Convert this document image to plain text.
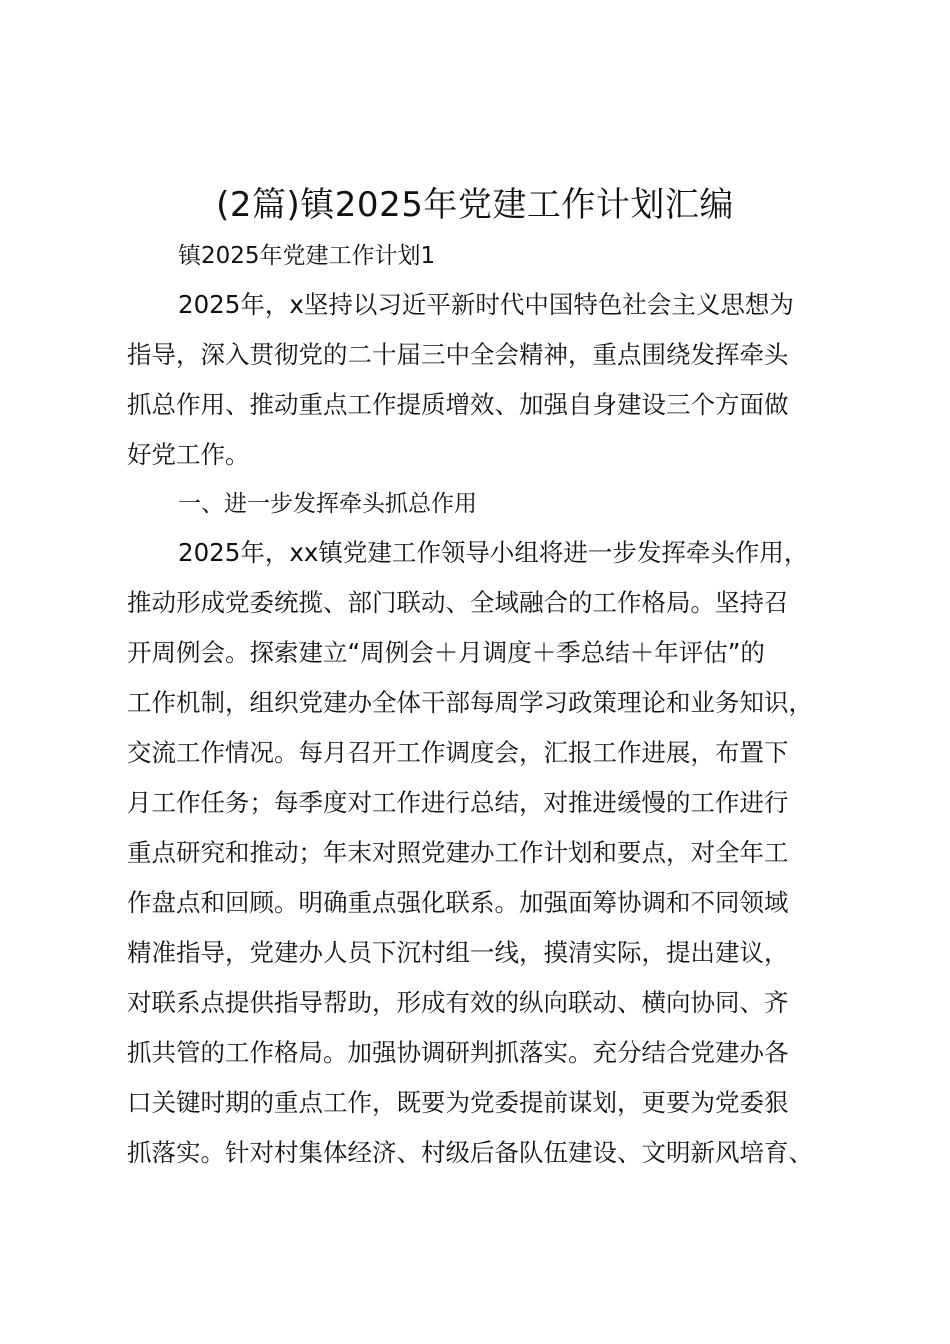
(2篇)镇2025年党建工作计划汇编

镇2025年党建工作计划1

2025年，x坚持以习近平新时代中国特色社会主义思想为
指导，深入贯彻党的二十届三中全会精神，重点围绕发挥牵头
抓总作用、推动重点工作提质增效、加强自身建设三个方面做
好党工作。

一、进一步发挥牵头抓总作用

2025年，xx镇党建工作领导小组将进一步发挥牵头作用，
推动形成党委统揽、部门联动、全域融合的工作格局。坚持召
开周例会。探索建立“周例会＋月调度＋季总结＋年评估”的
工作机制，组织党建办全体干部每周学习政策理论和业务知识，
交流工作情况。每月召开工作调度会，汇报工作进展，布置下
月工作任务；每季度对工作进行总结，对推进缓慢的工作进行
重点研究和推动；年末对照党建办工作计划和要点，对全年工
作盘点和回顾。明确重点强化联系。加强面筹协调和不同领域
精准指导，党建办人员下沉村组一线，摸清实际，提出建议，
对联系点提供指导帮助，形成有效的纵向联动、横向协同、齐
抓共管的工作格局。加强协调研判抓落实。充分结合党建办各
口关键时期的重点工作，既要为党委提前谋划，更要为党委狠
抓落实。针对村集体经济、村级后备队伍建设、文明新风培育、
